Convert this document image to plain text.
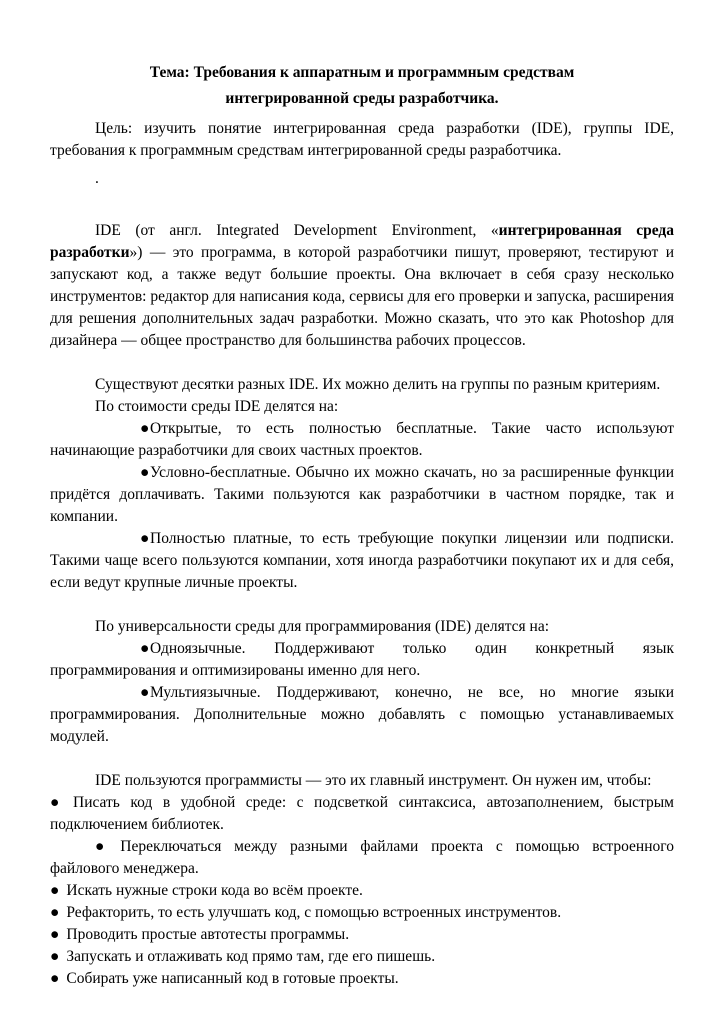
Тема: Требования к аппаратным и программным средствам
интегрированной среды разработчика.

Цель: изучить понятие интегрированная среда разработки (IDE), группы IDE, требования к программным средствам интегрированной среды разработчика.

.

IDE (от англ. Integrated Development Environment, «интегрированная среда разработки») — это программа, в которой разработчики пишут, проверяют, тестируют и запускают код, а также ведут большие проекты. Она включает в себя сразу несколько инструментов: редактор для написания кода, сервисы для его проверки и запуска, расширения для решения дополнительных задач разработки. Можно сказать, что это как Photoshop для дизайнера — общее пространство для большинства рабочих процессов.

Существуют десятки разных IDE. Их можно делить на группы по разным критериям.

По стоимости среды IDE делятся на:

●Открытые, то есть полностью бесплатные. Такие часто используют начинающие разработчики для своих частных проектов.

●Условно-бесплатные. Обычно их можно скачать, но за расширенные функции придётся доплачивать. Такими пользуются как разработчики в частном порядке, так и компании.

●Полностью платные, то есть требующие покупки лицензии или подписки. Такими чаще всего пользуются компании, хотя иногда разработчики покупают их и для себя, если ведут крупные личные проекты.

По универсальности среды для программирования (IDE) делятся на:

●Одноязычные. Поддерживают только один конкретный язык программирования и оптимизированы именно для него.

●Мультиязычные. Поддерживают, конечно, не все, но многие языки программирования. Дополнительные можно добавлять с помощью устанавливаемых модулей.

IDE пользуются программисты — это их главный инструмент. Он нужен им, чтобы:

● Писать код в удобной среде: с подсветкой синтаксиса, автозаполнением, быстрым подключением библиотек.

● Переключаться между разными файлами проекта с помощью встроенного файлового менеджера.

● Искать нужные строки кода во всём проекте.

● Рефакторить, то есть улучшать код, с помощью встроенных инструментов.

● Проводить простые автотесты программы.

● Запускать и отлаживать код прямо там, где его пишешь.

● Собирать уже написанный код в готовые проекты.
